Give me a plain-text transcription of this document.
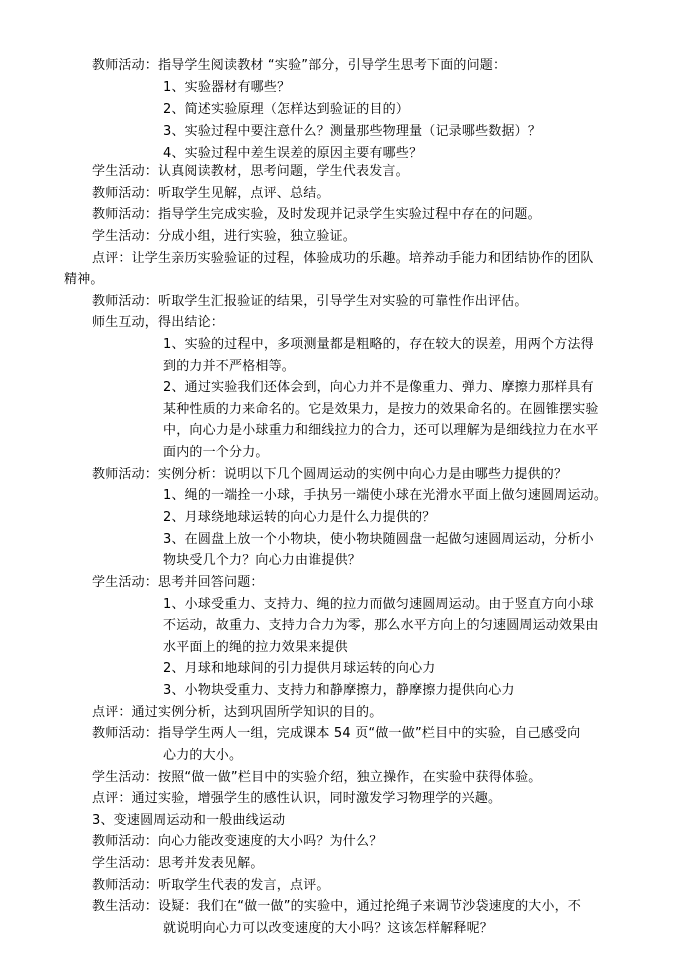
教师活动：指导学生阅读教材 “实验”部分，引导学生思考下面的问题：
1、实验器材有哪些？
2、简述实验原理（怎样达到验证的目的）
3、实验过程中要注意什么？测量那些物理量（记录哪些数据）？
4、实验过程中差生误差的原因主要有哪些？
学生活动：认真阅读教材，思考问题，学生代表发言。
教师活动：听取学生见解，点评、总结。
教师活动：指导学生完成实验，及时发现并记录学生实验过程中存在的问题。
学生活动：分成小组，进行实验，独立验证。
点评：让学生亲历实验验证的过程，体验成功的乐趣。培养动手能力和团结协作的团队
精神。
教师活动：听取学生汇报验证的结果，引导学生对实验的可靠性作出评估。
师生互动，得出结论：
1、实验的过程中，多项测量都是粗略的，存在较大的误差，用两个方法得
到的力并不严格相等。
2、通过实验我们还体会到，向心力并不是像重力、弹力、摩擦力那样具有
某种性质的力来命名的。它是效果力，是按力的效果命名的。在圆锥摆实验
中，向心力是小球重力和细线拉力的合力，还可以理解为是细线拉力在水平
面内的一个分力。
教师活动：实例分析：说明以下几个圆周运动的实例中向心力是由哪些力提供的？
1、绳的一端拴一小球，手执另一端使小球在光滑水平面上做匀速圆周运动。
2、月球绕地球运转的向心力是什么力提供的？
3、在圆盘上放一个小物块，使小物块随圆盘一起做匀速圆周运动，分析小
物块受几个力？向心力由谁提供？
学生活动：思考并回答问题：
1、小球受重力、支持力、绳的拉力而做匀速圆周运动。由于竖直方向小球
不运动，故重力、支持力合力为零，那么水平方向上的匀速圆周运动效果由
水平面上的绳的拉力效果来提供
2、月球和地球间的引力提供月球运转的向心力
3、小物块受重力、支持力和静摩擦力，静摩擦力提供向心力
点评：通过实例分析，达到巩固所学知识的目的。
教师活动：指导学生两人一组，完成课本 54 页“做一做”栏目中的实验，自己感受向
心力的大小。
学生活动：按照“做一做”栏目中的实验介绍，独立操作，在实验中获得体验。
点评：通过实验，增强学生的感性认识，同时激发学习物理学的兴趣。
3、变速圆周运动和一般曲线运动
教师活动：向心力能改变速度的大小吗？为什么？
学生活动：思考并发表见解。
教师活动：听取学生代表的发言，点评。
教生活动：设疑：我们在“做一做”的实验中，通过抡绳子来调节沙袋速度的大小，不
就说明向心力可以改变速度的大小吗？这该怎样解释呢？
